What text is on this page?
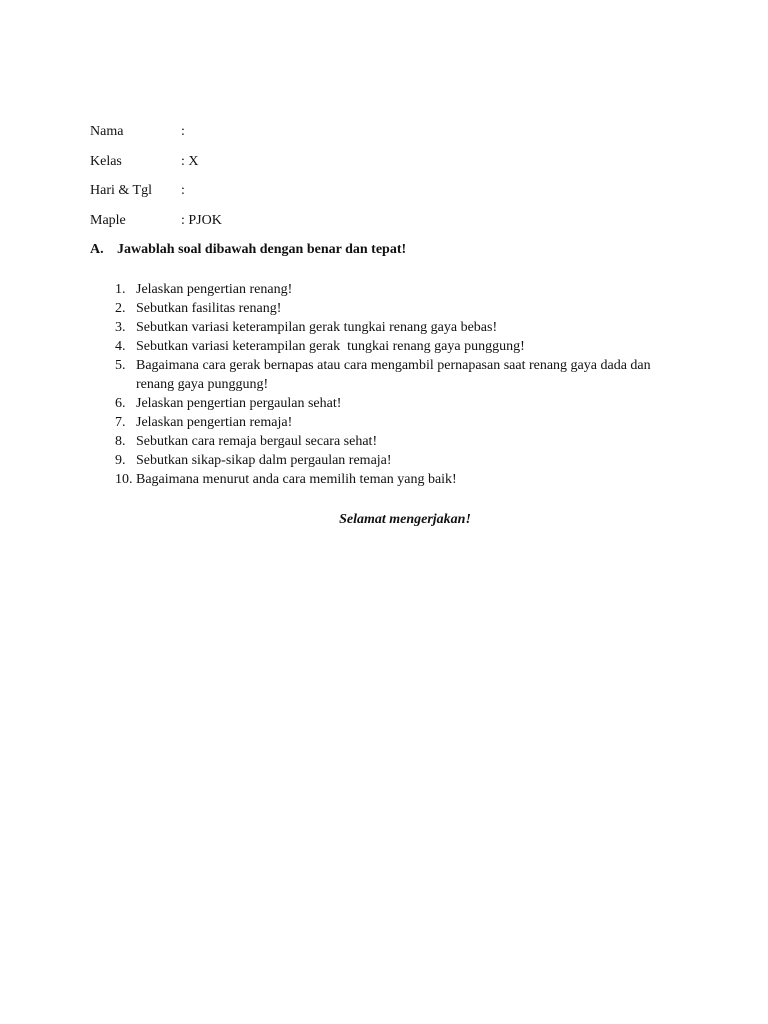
Nama	:
Kelas	: X
Hari & Tgl :
Maple	: PJOK
A. Jawablah soal dibawah dengan benar dan tepat!
1. Jelaskan pengertian renang!
2. Sebutkan fasilitas renang!
3. Sebutkan variasi keterampilan gerak tungkai renang gaya bebas!
4. Sebutkan variasi keterampilan gerak  tungkai renang gaya punggung!
5. Bagaimana cara gerak bernapas atau cara mengambil pernapasan saat renang gaya dada dan renang gaya punggung!
6. Jelaskan pengertian pergaulan sehat!
7. Jelaskan pengertian remaja!
8. Sebutkan cara remaja bergaul secara sehat!
9. Sebutkan sikap-sikap dalm pergaulan remaja!
10. Bagaimana menurut anda cara memilih teman yang baik!
Selamat mengerjakan!
